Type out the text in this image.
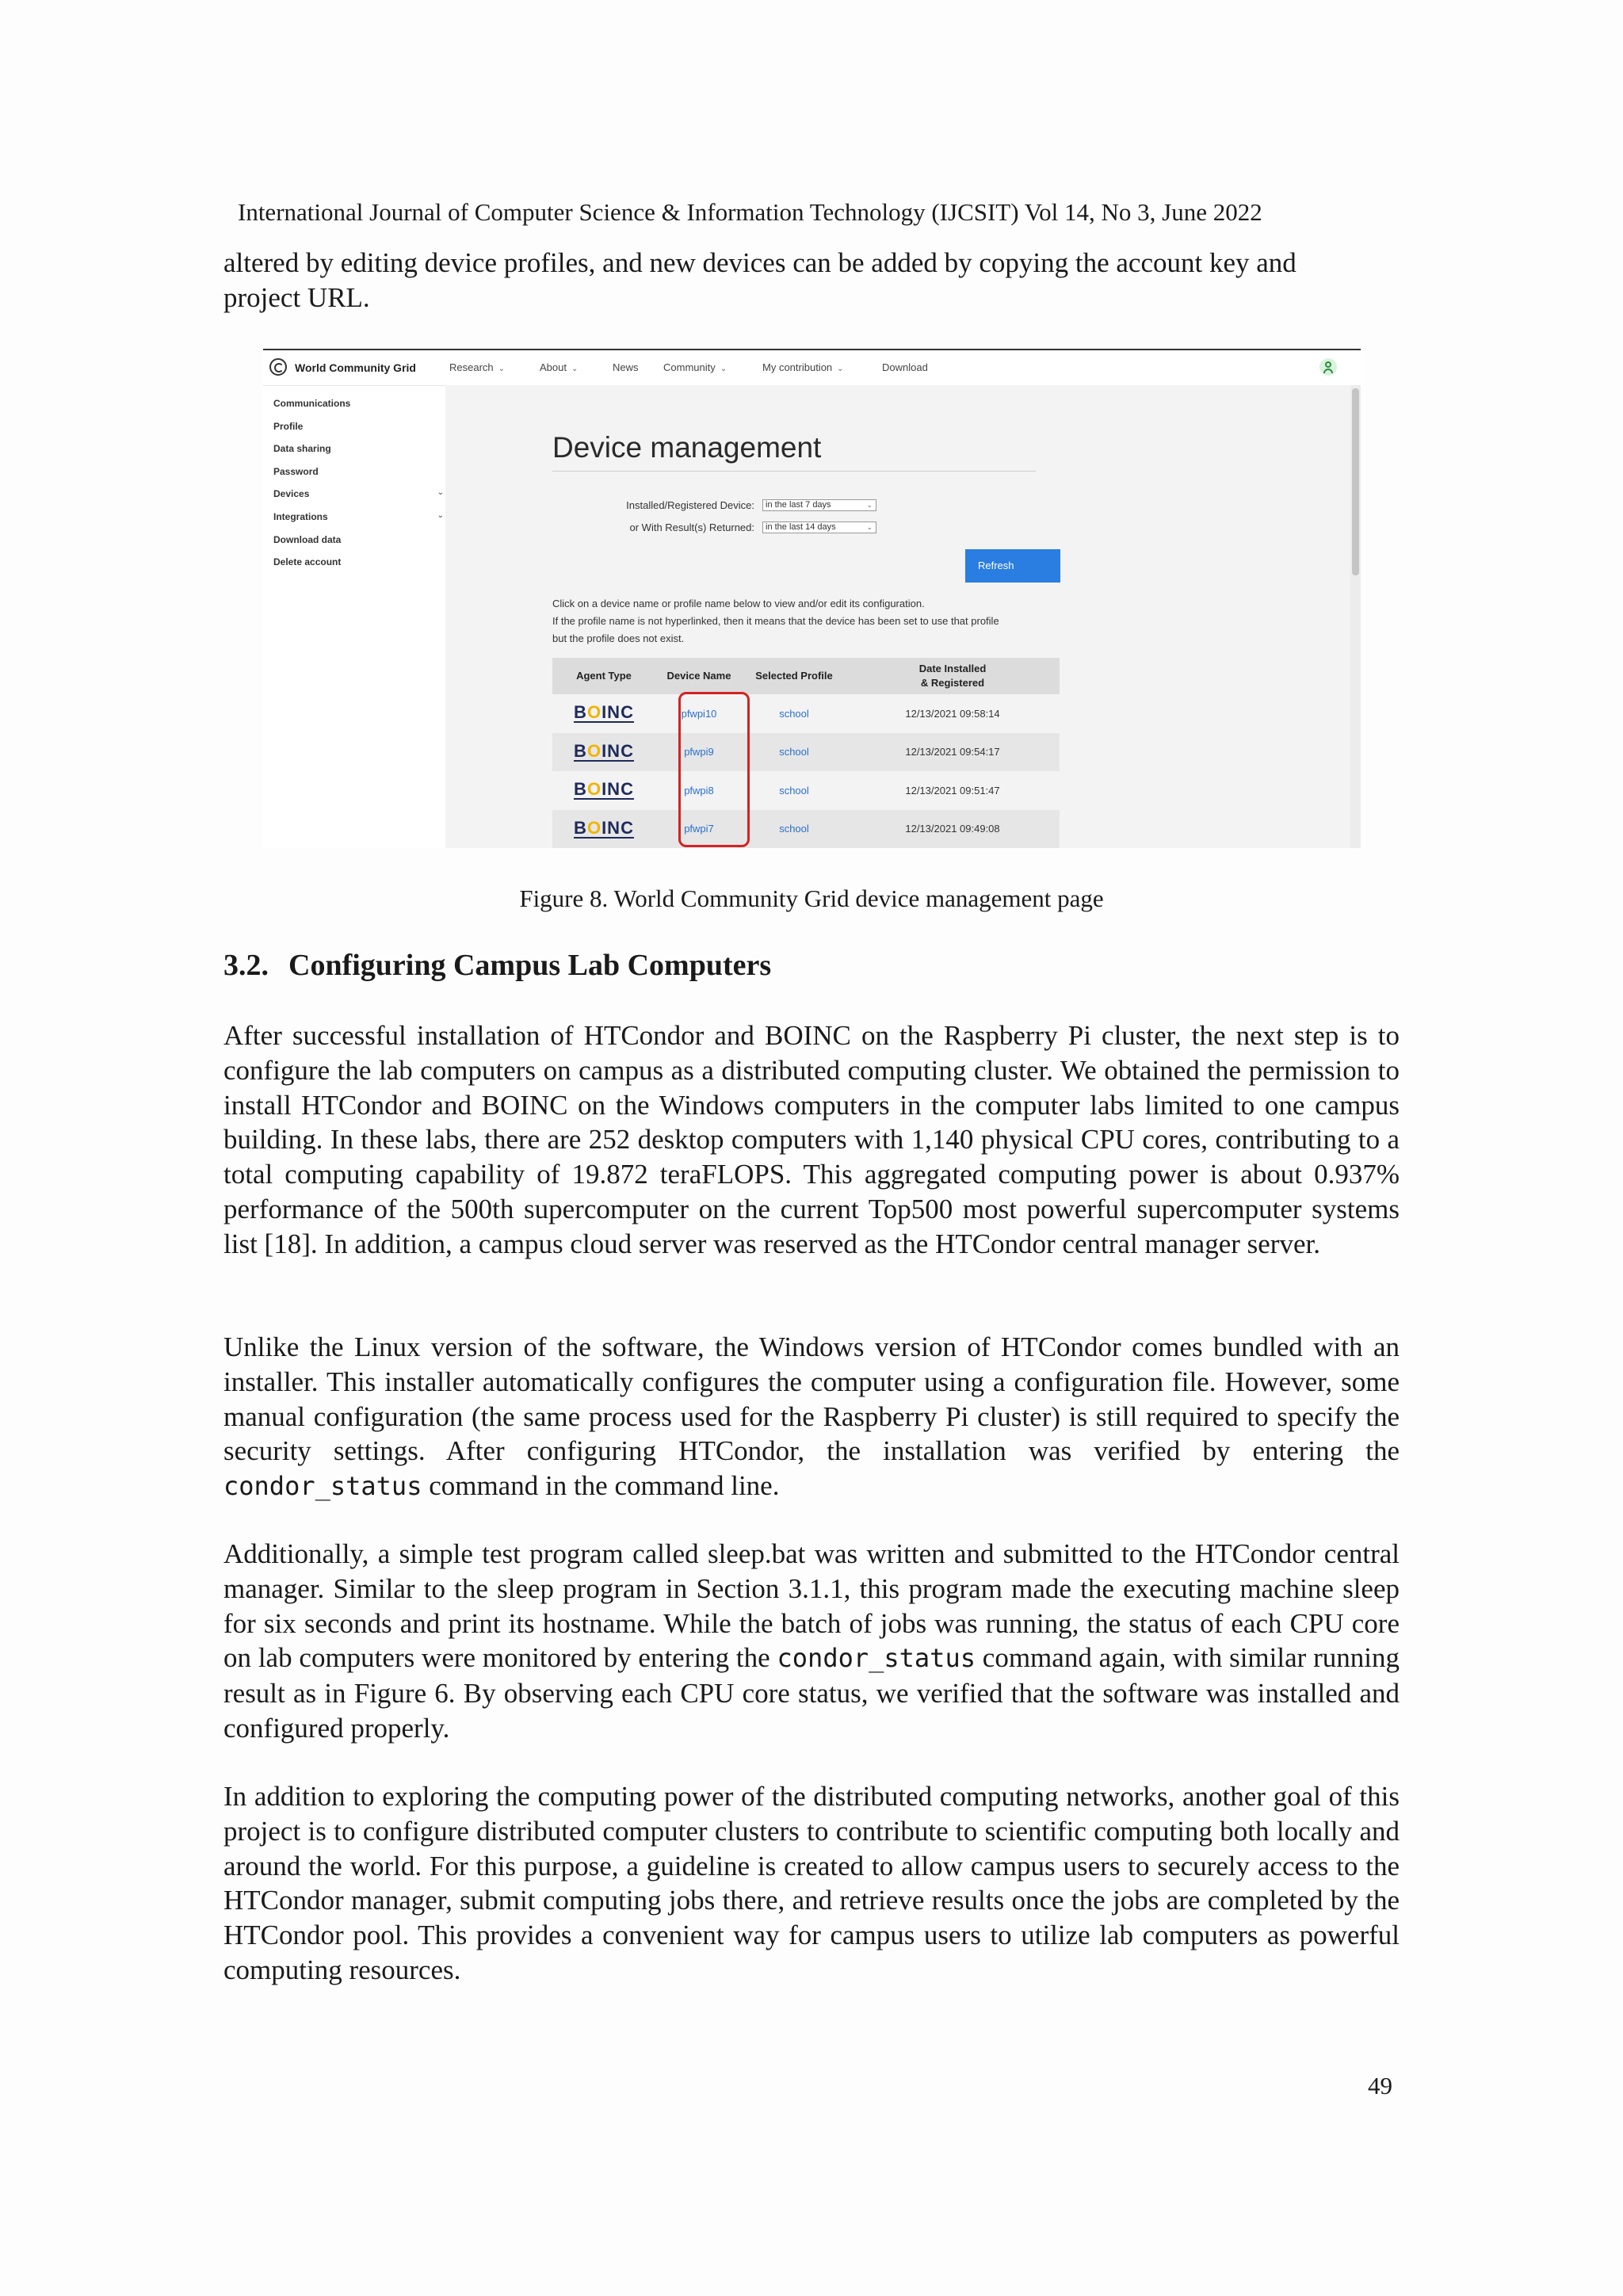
International Journal of Computer Science & Information Technology (IJCSIT) Vol 14, No 3, June 2022

altered by editing device profiles, and new devices can be added by copying the account key and
project URL.

World Community Grid	Research ⌄	About ⌄	News Community ⌄	My contribution ⌄	Download
Communications
Profile
Data sharing
Password
Devices	⌄
Integrations	⌄
Download data
Delete account
Device management
Installed/Registered Device:	in the last 7 days	⌄
or With Result(s) Returned:	in the last 14 days	⌄
Refresh
Click on a device name or profile name below to view and/or edit its configuration.
If the profile name is not hyperlinked, then it means that the device has been set to use that profile
but the profile does not exist.
Agent Type	Device Name	Selected Profile	Date Installed
& Registered
BOINC	pfwpi10	school	12/13/2021 09:58:14
BOINC	pfwpi9	school	12/13/2021 09:54:17
BOINC	pfwpi8	school	12/13/2021 09:51:47
BOINC	pfwpi7	school	12/13/2021 09:49:08
Figure 8. World Community Grid device management page
3.2. Configuring Campus Lab Computers

After successful installation of HTCondor and BOINC on the Raspberry Pi cluster, the next step is to configure the lab computers on campus as a distributed computing cluster. We obtained the permission to install HTCondor and BOINC on the Windows computers in the computer labs limited to one campus building. In these labs, there are 252 desktop computers with 1,140 physical CPU cores, contributing to a total computing capability of 19.872 teraFLOPS. This aggregated computing power is about 0.937% performance of the 500th supercomputer on the current Top500 most powerful supercomputer systems list [18]. In addition, a campus cloud server was reserved as the HTCondor central manager server.

Unlike the Linux version of the software, the Windows version of HTCondor comes bundled with an installer. This installer automatically configures the computer using a configuration file. However, some manual configuration (the same process used for the Raspberry Pi cluster) is still required to specify the security settings. After configuring HTCondor, the installation was verified by entering the condor_status command in the command line.

Additionally, a simple test program called sleep.bat was written and submitted to the HTCondor central manager. Similar to the sleep program in Section 3.1.1, this program made the executing machine sleep for six seconds and print its hostname. While the batch of jobs was running, the status of each CPU core on lab computers were monitored by entering the condor_status command again, with similar running result as in Figure 6. By observing each CPU core status, we verified that the software was installed and configured properly.

In addition to exploring the computing power of the distributed computing networks, another goal of this project is to configure distributed computer clusters to contribute to scientific computing both locally and around the world. For this purpose, a guideline is created to allow campus users to securely access to the HTCondor manager, submit computing jobs there, and retrieve results once the jobs are completed by the HTCondor pool. This provides a convenient way for campus users to utilize lab computers as powerful computing resources.

49
